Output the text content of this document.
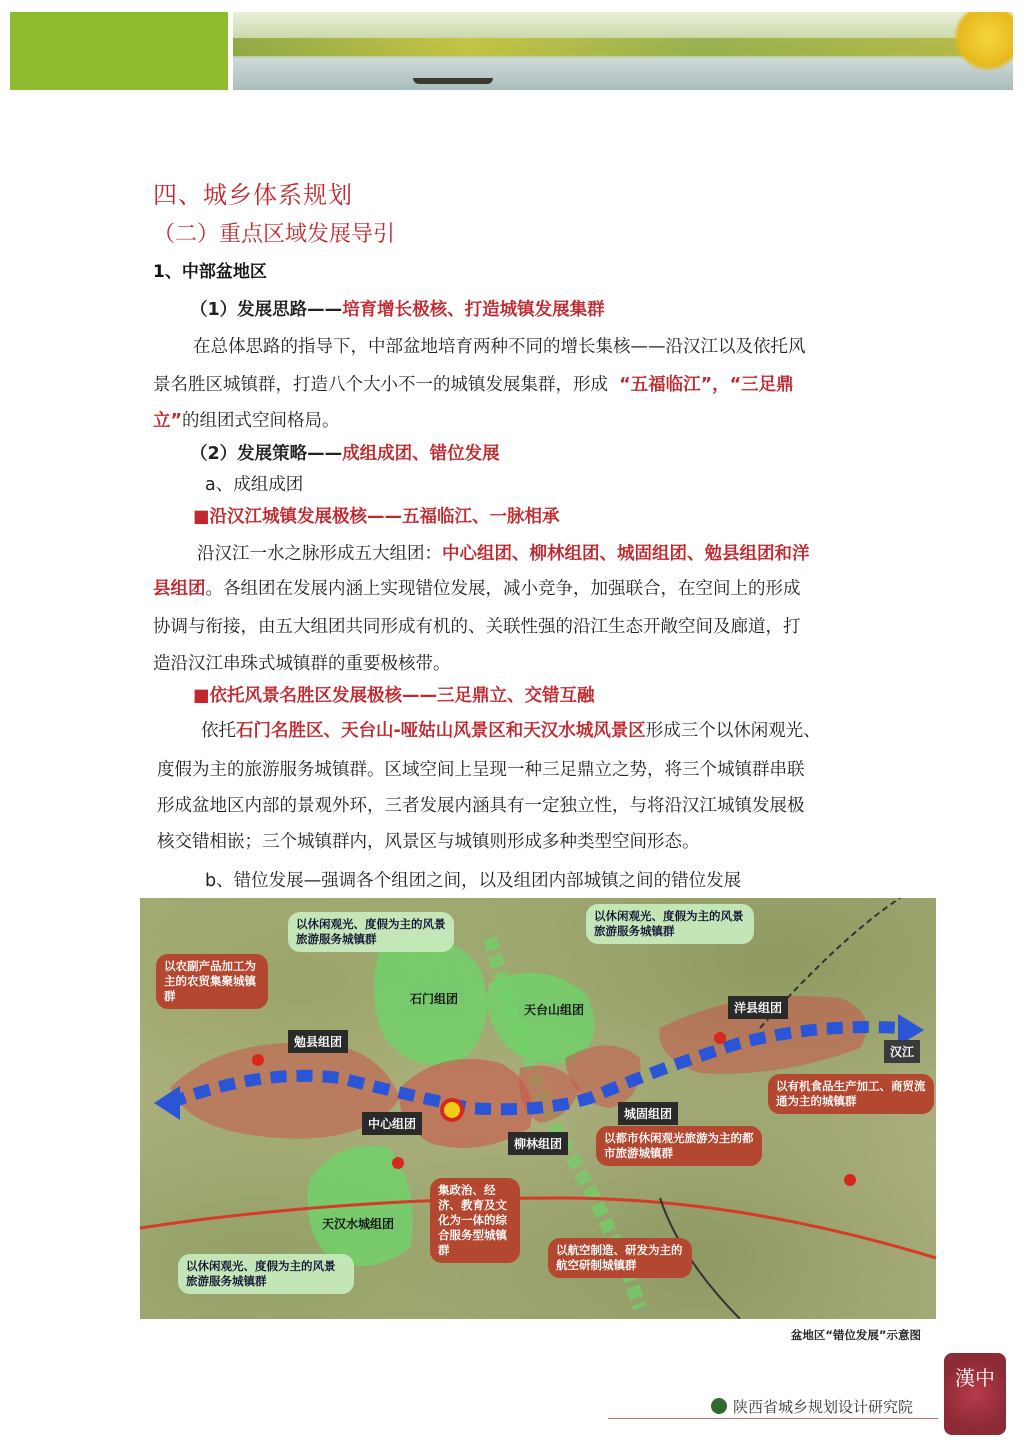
四、城乡体系规划
（二）重点区域发展导引
1、中部盆地区
（1）发展思路——培育增长极核、打造城镇发展集群
在总体思路的指导下，中部盆地培育两种不同的增长集核——沿汉江以及依托风
景名胜区城镇群，打造八个大小不一的城镇发展集群，形成 “五福临江”，“三足鼎
立”的组团式空间格局。
（2）发展策略——成组成团、错位发展
a、成组成团
■沿汉江城镇发展极核——五福临江、一脉相承
沿汉江一水之脉形成五大组团：中心组团、柳林组团、城固组团、勉县组团和洋
县组团。各组团在发展内涵上实现错位发展，减小竞争，加强联合，在空间上的形成
协调与衔接，由五大组团共同形成有机的、关联性强的沿江生态开敞空间及廊道，打
造沿汉江串珠式城镇群的重要极核带。
■依托风景名胜区发展极核——三足鼎立、交错互融
依托石门名胜区、天台山-哑姑山风景区和天汉水城风景区形成三个以休闲观光、
度假为主的旅游服务城镇群。区域空间上呈现一种三足鼎立之势，将三个城镇群串联
形成盆地区内部的景观外环，三者发展内涵具有一定独立性，与将沿汉江城镇发展极
核交错相嵌；三个城镇群内，风景区与城镇则形成多种类型空间形态。
b、错位发展—强调各个组团之间，以及组团内部城镇之间的错位发展
以休闲观光、度假为主的风景旅游服务城镇群
以休闲观光、度假为主的风景旅游服务城镇群
以休闲观光、度假为主的风景旅游服务城镇群
以农副产品加工为主的农贸集聚城镇群
以有机食品生产加工、商贸流通为主的城镇群
以都市休闲观光旅游为主的都市旅游城镇群
集政治、经济、教育及文化为一体的综合服务型城镇群	以航空制造、研发为主的航空研制城镇群
石门组团
天台山组团	洋县组团
勉县组团
中心组团
城固组团
柳林组团
天汉水城组团
汉江
盆地区“错位发展”示意图
陕西省城乡规划设计研究院
漢中
